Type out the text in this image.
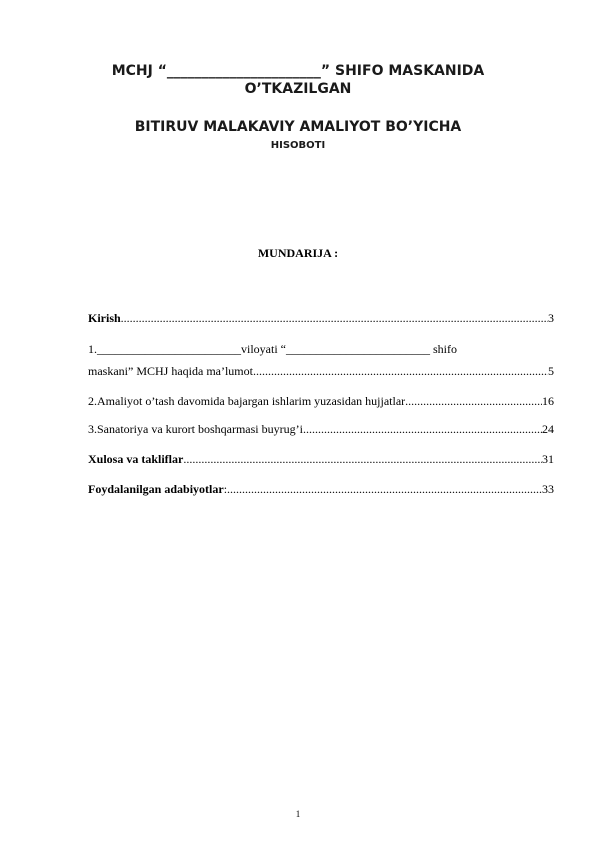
MCHJ “______________________” SHIFO MASKANIDA
O’TKAZILGAN
BITIRUV MALAKAVIY AMALIYOT BO’YICHA
HISOBOTI
MUNDARIJA :
Kirish .....	3
1.________________________viloyati “________________________ shifo
maskani” MCHJ haqida ma’lumot .....	5
2.Amaliyot o’tash davomida bajargan ishlarim yuzasidan hujjatlar .....	16
3.Sanatoriya va kurort boshqarmasi buyrug’i .....	24
Xulosa va takliflar .....	31
Foydalanilgan adabiyotlar : .....	33
1
